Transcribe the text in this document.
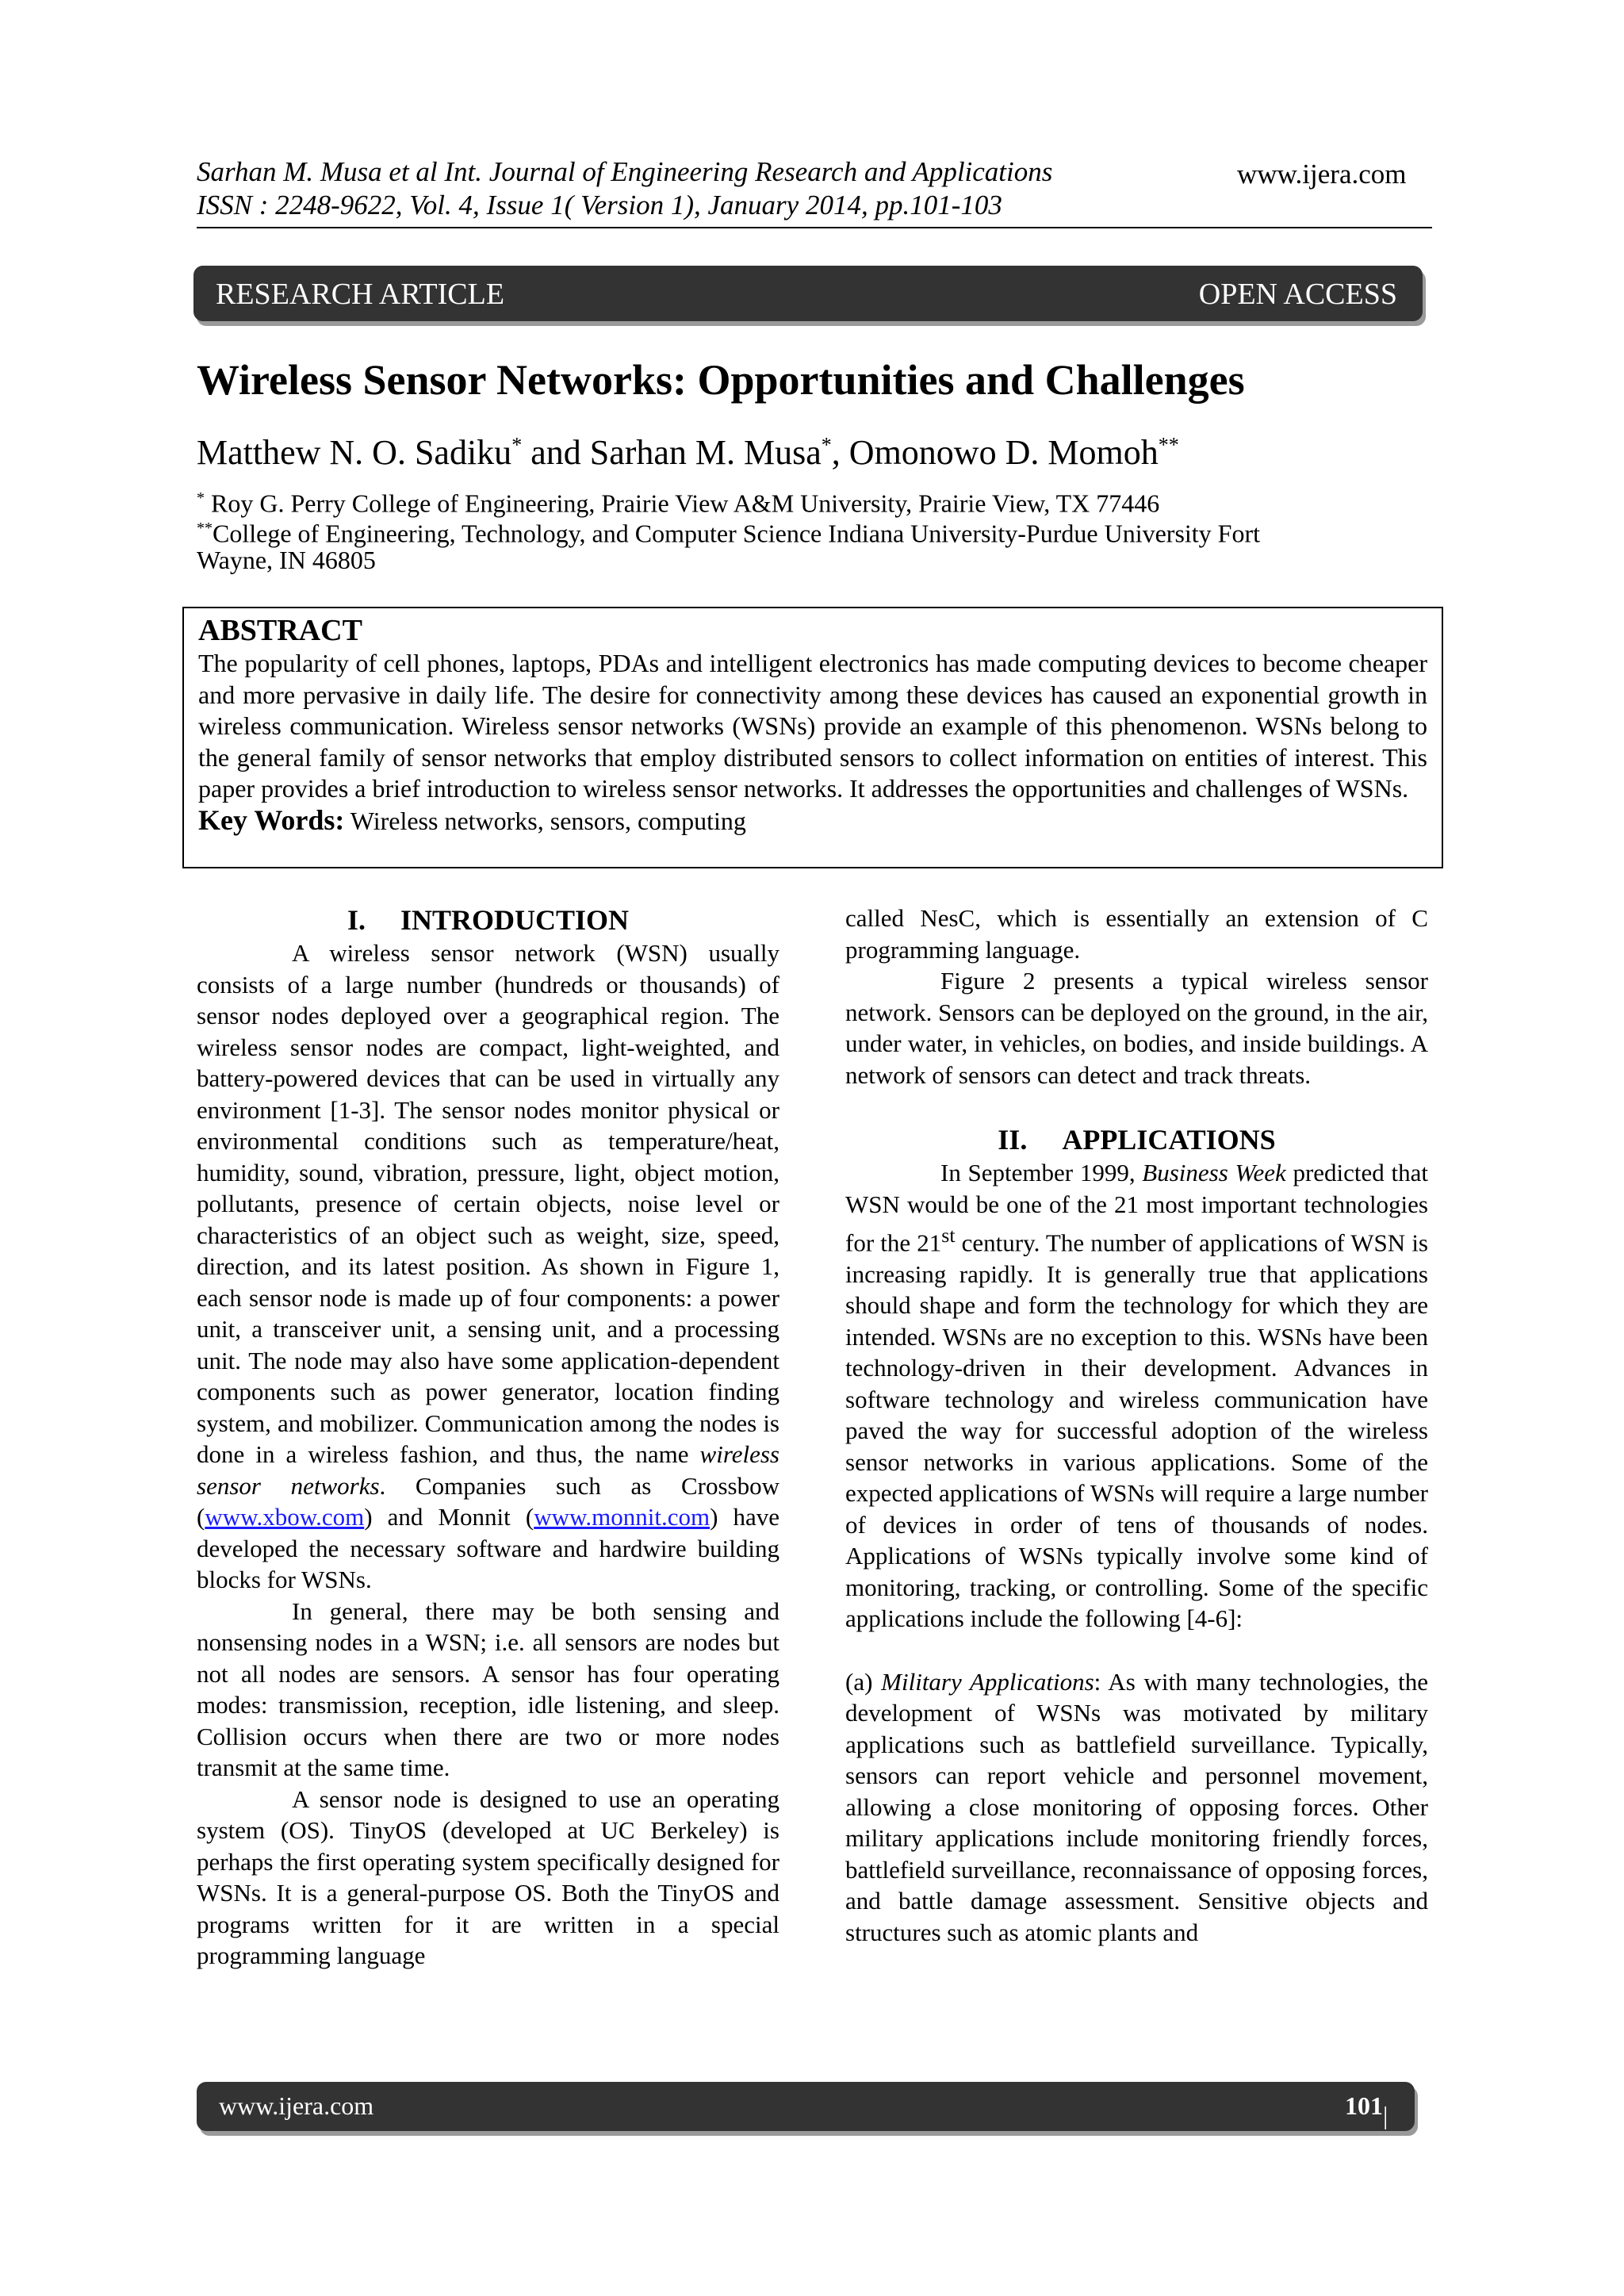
Sarhan M. Musa et al Int. Journal of Engineering Research and Applications
ISSN : 2248-9622, Vol. 4, Issue 1( Version 1), January 2014, pp.101-103
www.ijera.com
RESEARCH ARTICLE	OPEN ACCESS
Wireless Sensor Networks: Opportunities and Challenges
Matthew N. O. Sadiku* and Sarhan M. Musa*, Omonowo D. Momoh**
* Roy G. Perry College of Engineering, Prairie View A&M University, Prairie View, TX 77446
**College of Engineering, Technology, and Computer Science Indiana University-Purdue University Fort
Wayne, IN 46805
ABSTRACT
The popularity of cell phones, laptops, PDAs and intelligent electronics has made computing devices to become cheaper and more pervasive in daily life. The desire for connectivity among these devices has caused an exponential growth in wireless communication. Wireless sensor networks (WSNs) provide an example of this phenomenon. WSNs belong to the general family of sensor networks that employ distributed sensors to collect information on entities of interest. This paper provides a brief introduction to wireless sensor networks. It addresses the opportunities and challenges of WSNs.
Key Words: Wireless networks, sensors, computing

I. INTRODUCTION

A wireless sensor network (WSN) usually consists of a large number (hundreds or thousands) of sensor nodes deployed over a geographical region. The wireless sensor nodes are compact, light-weighted, and battery-powered devices that can be used in virtually any environment [1-3]. The sensor nodes monitor physical or environmental conditions such as temperature/heat, humidity, sound, vibration, pressure, light, object motion, pollutants, presence of certain objects, noise level or characteristics of an object such as weight, size, speed, direction, and its latest position. As shown in Figure 1, each sensor node is made up of four components: a power unit, a transceiver unit, a sensing unit, and a processing unit. The node may also have some application-dependent components such as power generator, location finding system, and mobilizer. Communication among the nodes is done in a wireless fashion, and thus, the name wireless sensor networks. Companies such as Crossbow (www.xbow.com) and Monnit (www.monnit.com) have developed the necessary software and hardwire building blocks for WSNs.

In general, there may be both sensing and nonsensing nodes in a WSN; i.e. all sensors are nodes but not all nodes are sensors. A sensor has four operating modes: transmission, reception, idle listening, and sleep. Collision occurs when there are two or more nodes transmit at the same time.

A sensor node is designed to use an operating system (OS). TinyOS (developed at UC Berkeley) is perhaps the first operating system specifically designed for WSNs. It is a general-purpose OS. Both the TinyOS and programs written for it are written in a special programming language

called NesC, which is essentially an extension of C programming language.

Figure 2 presents a typical wireless sensor network. Sensors can be deployed on the ground, in the air, under water, in vehicles, on bodies, and inside buildings. A network of sensors can detect and track threats.

II. APPLICATIONS

In September 1999, Business Week predicted that WSN would be one of the 21 most important technologies for the 21st century. The number of applications of WSN is increasing rapidly. It is generally true that applications should shape and form the technology for which they are intended. WSNs are no exception to this. WSNs have been technology-driven in their development. Advances in software technology and wireless communication have paved the way for successful adoption of the wireless sensor networks in various applications. Some of the expected applications of WSNs will require a large number of devices in order of tens of thousands of nodes. Applications of WSNs typically involve some kind of monitoring, tracking, or controlling. Some of the specific applications include the following [4-6]:

(a) Military Applications: As with many technologies, the development of WSNs was motivated by military applications such as battlefield surveillance. Typically, sensors can report vehicle and personnel movement, allowing a close monitoring of opposing forces. Other military applications include monitoring friendly forces, battlefield surveillance, reconnaissance of opposing forces, and battle damage assessment. Sensitive objects and structures such as atomic plants and

www.ijera.com	101 | P a g e
